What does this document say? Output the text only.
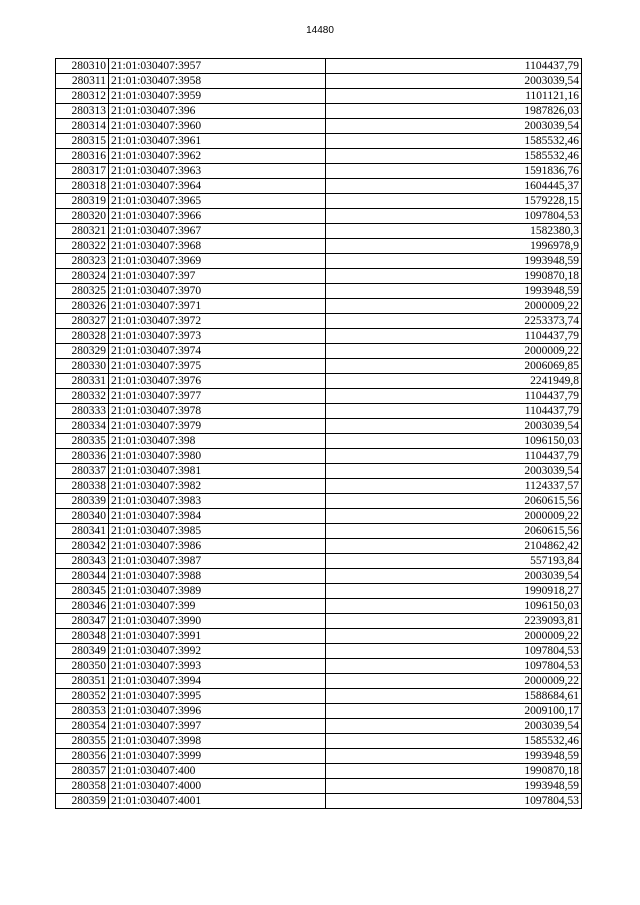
14480
280310	21:01:030407:3957	1104437,79
280311	21:01:030407:3958	2003039,54
280312	21:01:030407:3959	1101121,16
280313	21:01:030407:396	1987826,03
280314	21:01:030407:3960	2003039,54
280315	21:01:030407:3961	1585532,46
280316	21:01:030407:3962	1585532,46
280317	21:01:030407:3963	1591836,76
280318	21:01:030407:3964	1604445,37
280319	21:01:030407:3965	1579228,15
280320	21:01:030407:3966	1097804,53
280321	21:01:030407:3967	1582380,3
280322	21:01:030407:3968	1996978,9
280323	21:01:030407:3969	1993948,59
280324	21:01:030407:397	1990870,18
280325	21:01:030407:3970	1993948,59
280326	21:01:030407:3971	2000009,22
280327	21:01:030407:3972	2253373,74
280328	21:01:030407:3973	1104437,79
280329	21:01:030407:3974	2000009,22
280330	21:01:030407:3975	2006069,85
280331	21:01:030407:3976	2241949,8
280332	21:01:030407:3977	1104437,79
280333	21:01:030407:3978	1104437,79
280334	21:01:030407:3979	2003039,54
280335	21:01:030407:398	1096150,03
280336	21:01:030407:3980	1104437,79
280337	21:01:030407:3981	2003039,54
280338	21:01:030407:3982	1124337,57
280339	21:01:030407:3983	2060615,56
280340	21:01:030407:3984	2000009,22
280341	21:01:030407:3985	2060615,56
280342	21:01:030407:3986	2104862,42
280343	21:01:030407:3987	557193,84
280344	21:01:030407:3988	2003039,54
280345	21:01:030407:3989	1990918,27
280346	21:01:030407:399	1096150,03
280347	21:01:030407:3990	2239093,81
280348	21:01:030407:3991	2000009,22
280349	21:01:030407:3992	1097804,53
280350	21:01:030407:3993	1097804,53
280351	21:01:030407:3994	2000009,22
280352	21:01:030407:3995	1588684,61
280353	21:01:030407:3996	2009100,17
280354	21:01:030407:3997	2003039,54
280355	21:01:030407:3998	1585532,46
280356	21:01:030407:3999	1993948,59
280357	21:01:030407:400	1990870,18
280358	21:01:030407:4000	1993948,59
280359	21:01:030407:4001	1097804,53
